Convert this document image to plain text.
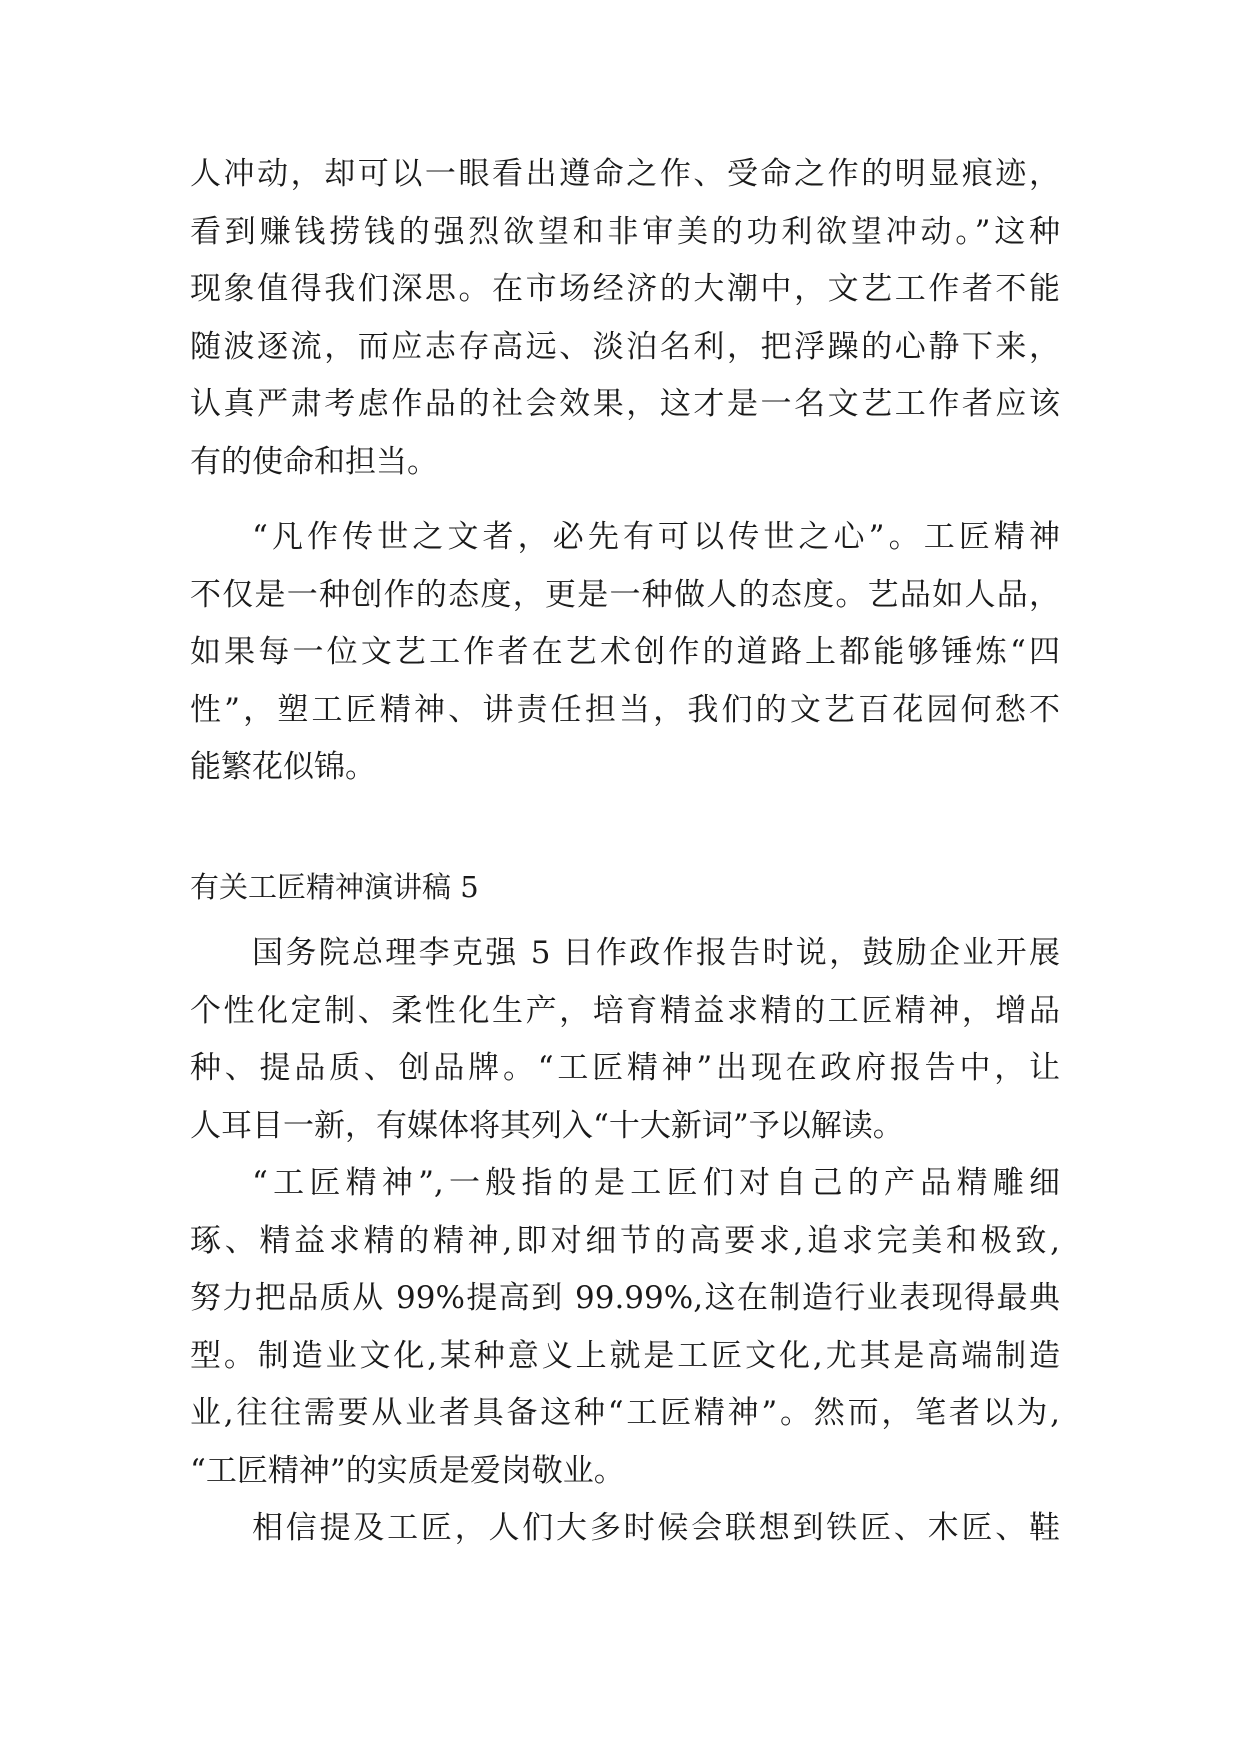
人冲动，却可以一眼看出遵命之作、受命之作的明显痕迹，
看到赚钱捞钱的强烈欲望和非审美的功利欲望冲动。”这种
现象值得我们深思。在市场经济的大潮中，文艺工作者不能
随波逐流，而应志存高远、淡泊名利，把浮躁的心静下来，
认真严肃考虑作品的社会效果，这才是一名文艺工作者应该
有的使命和担当。
“凡作传世之文者，必先有可以传世之心”。工匠精神
不仅是一种创作的态度，更是一种做人的态度。艺品如人品，
如果每一位文艺工作者在艺术创作的道路上都能够锤炼“四
性”，塑工匠精神、讲责任担当，我们的文艺百花园何愁不
能繁花似锦。
有关工匠精神演讲稿 5
国务院总理李克强 5 日作政作报告时说，鼓励企业开展
个性化定制、柔性化生产，培育精益求精的工匠精神，增品
种、提品质、创品牌。“工匠精神”出现在政府报告中，让
人耳目一新，有媒体将其列入“十大新词”予以解读。
“工匠精神”,一般指的是工匠们对自己的产品精雕细
琢、精益求精的精神,即对细节的高要求,追求完美和极致,
努力把品质从 99%提高到 99.99%,这在制造行业表现得最典
型。制造业文化,某种意义上就是工匠文化,尤其是高端制造
业,往往需要从业者具备这种“工匠精神”。然而，笔者以为,
“工匠精神”的实质是爱岗敬业。
相信提及工匠，人们大多时候会联想到铁匠、木匠、鞋
